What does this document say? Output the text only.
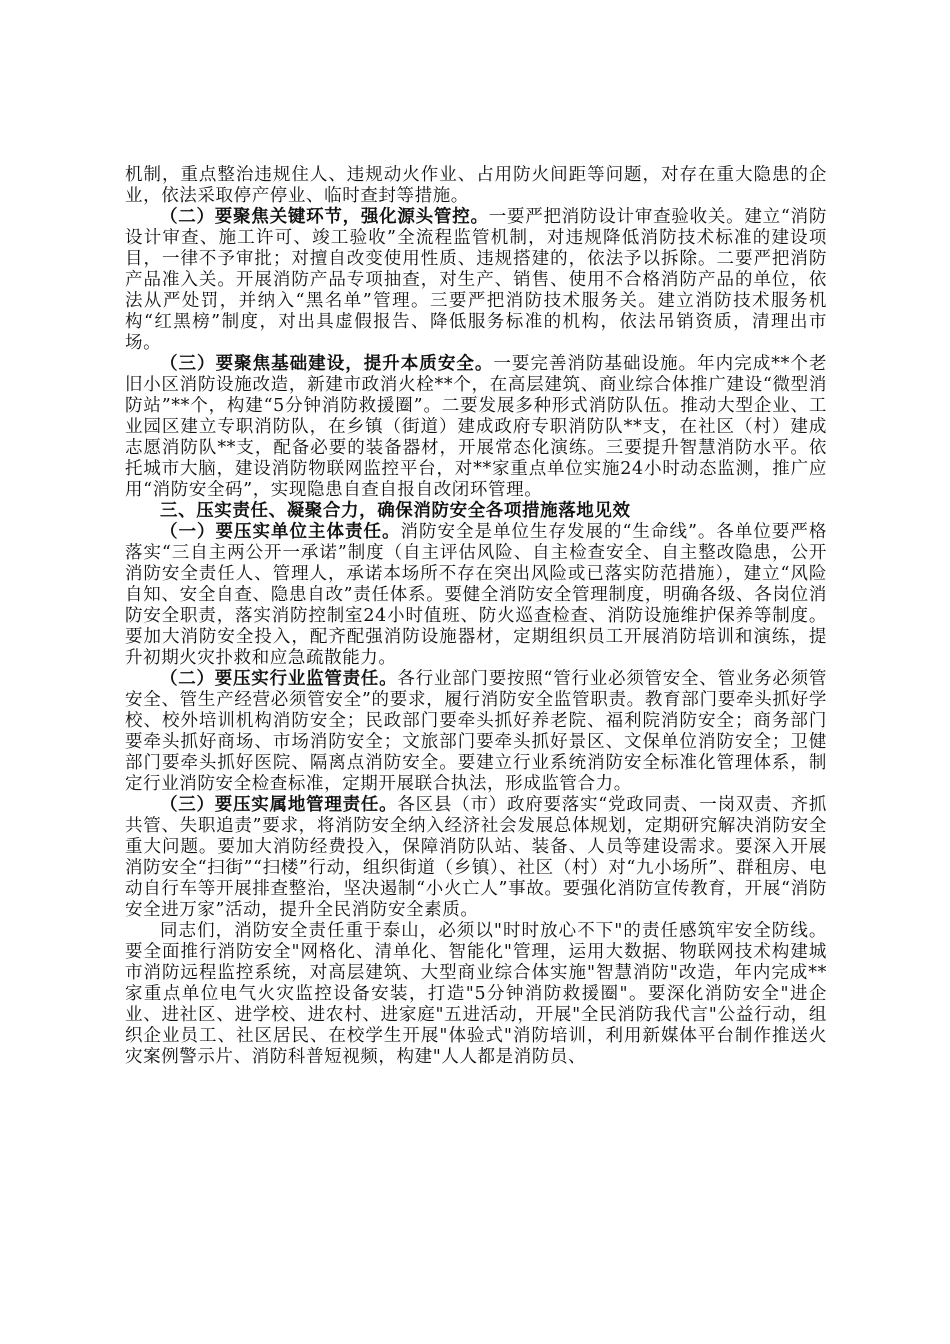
机制，重点整治违规住人、违规动火作业、占用防火间距等问题，对存在重大隐患的企业，依法采取停产停业、临时查封等措施。

（二）要聚焦关键环节，强化源头管控。一要严把消防设计审查验收关。建立“消防设计审查、施工许可、竣工验收”全流程监管机制，对违规降低消防技术标准的建设项目，一律不予审批；对擅自改变使用性质、违规搭建的，依法予以拆除。二要严把消防产品准入关。开展消防产品专项抽查，对生产、销售、使用不合格消防产品的单位，依法从严处罚，并纳入“黑名单”管理。三要严把消防技术服务关。建立消防技术服务机构“红黑榜”制度，对出具虚假报告、降低服务标准的机构，依法吊销资质，清理出市场。

（三）要聚焦基础建设，提升本质安全。一要完善消防基础设施。年内完成**个老旧小区消防设施改造，新建市政消火栓**个，在高层建筑、商业综合体推广建设“微型消防站”**个，构建“5分钟消防救援圈”。二要发展多种形式消防队伍。推动大型企业、工业园区建立专职消防队，在乡镇（街道）建成政府专职消防队**支，在社区（村）建成志愿消防队**支，配备必要的装备器材，开展常态化演练。三要提升智慧消防水平。依托城市大脑，建设消防物联网监控平台，对**家重点单位实施24小时动态监测，推广应用“消防安全码”，实现隐患自查自报自改闭环管理。

三、压实责任、凝聚合力，确保消防安全各项措施落地见效

（一）要压实单位主体责任。消防安全是单位生存发展的“生命线”。各单位要严格落实“三自主两公开一承诺”制度（自主评估风险、自主检查安全、自主整改隐患，公开消防安全责任人、管理人，承诺本场所不存在突出风险或已落实防范措施），建立“风险自知、安全自查、隐患自改”责任体系。要健全消防安全管理制度，明确各级、各岗位消防安全职责，落实消防控制室24小时值班、防火巡查检查、消防设施维护保养等制度。要加大消防安全投入，配齐配强消防设施器材，定期组织员工开展消防培训和演练，提升初期火灾扑救和应急疏散能力。

（二）要压实行业监管责任。各行业部门要按照“管行业必须管安全、管业务必须管安全、管生产经营必须管安全”的要求，履行消防安全监管职责。教育部门要牵头抓好学校、校外培训机构消防安全；民政部门要牵头抓好养老院、福利院消防安全；商务部门要牵头抓好商场、市场消防安全；文旅部门要牵头抓好景区、文保单位消防安全；卫健部门要牵头抓好医院、隔离点消防安全。要建立行业系统消防安全标准化管理体系，制定行业消防安全检查标准，定期开展联合执法，形成监管合力。

（三）要压实属地管理责任。各区县（市）政府要落实“党政同责、一岗双责、齐抓共管、失职追责”要求，将消防安全纳入经济社会发展总体规划，定期研究解决消防安全重大问题。要加大消防经费投入，保障消防队站、装备、人员等建设需求。要深入开展消防安全“扫街”“扫楼”行动，组织街道（乡镇）、社区（村）对“九小场所”、群租房、电动自行车等开展排查整治，坚决遏制“小火亡人”事故。要强化消防宣传教育，开展“消防安全进万家”活动，提升全民消防安全素质。

同志们，消防安全责任重于泰山，必须以"时时放心不下"的责任感筑牢安全防线。要全面推行消防安全"网格化、清单化、智能化"管理，运用大数据、物联网技术构建城市消防远程监控系统，对高层建筑、大型商业综合体实施"智慧消防"改造，年内完成**家重点单位电气火灾监控设备安装，打造"5分钟消防救援圈"。要深化消防安全"进企业、进社区、进学校、进农村、进家庭"五进活动，开展"全民消防我代言"公益行动，组织企业员工、社区居民、在校学生开展"体验式"消防培训，利用新媒体平台制作推送火灾案例警示片、消防科普短视频，构建"人人都是消防员、
